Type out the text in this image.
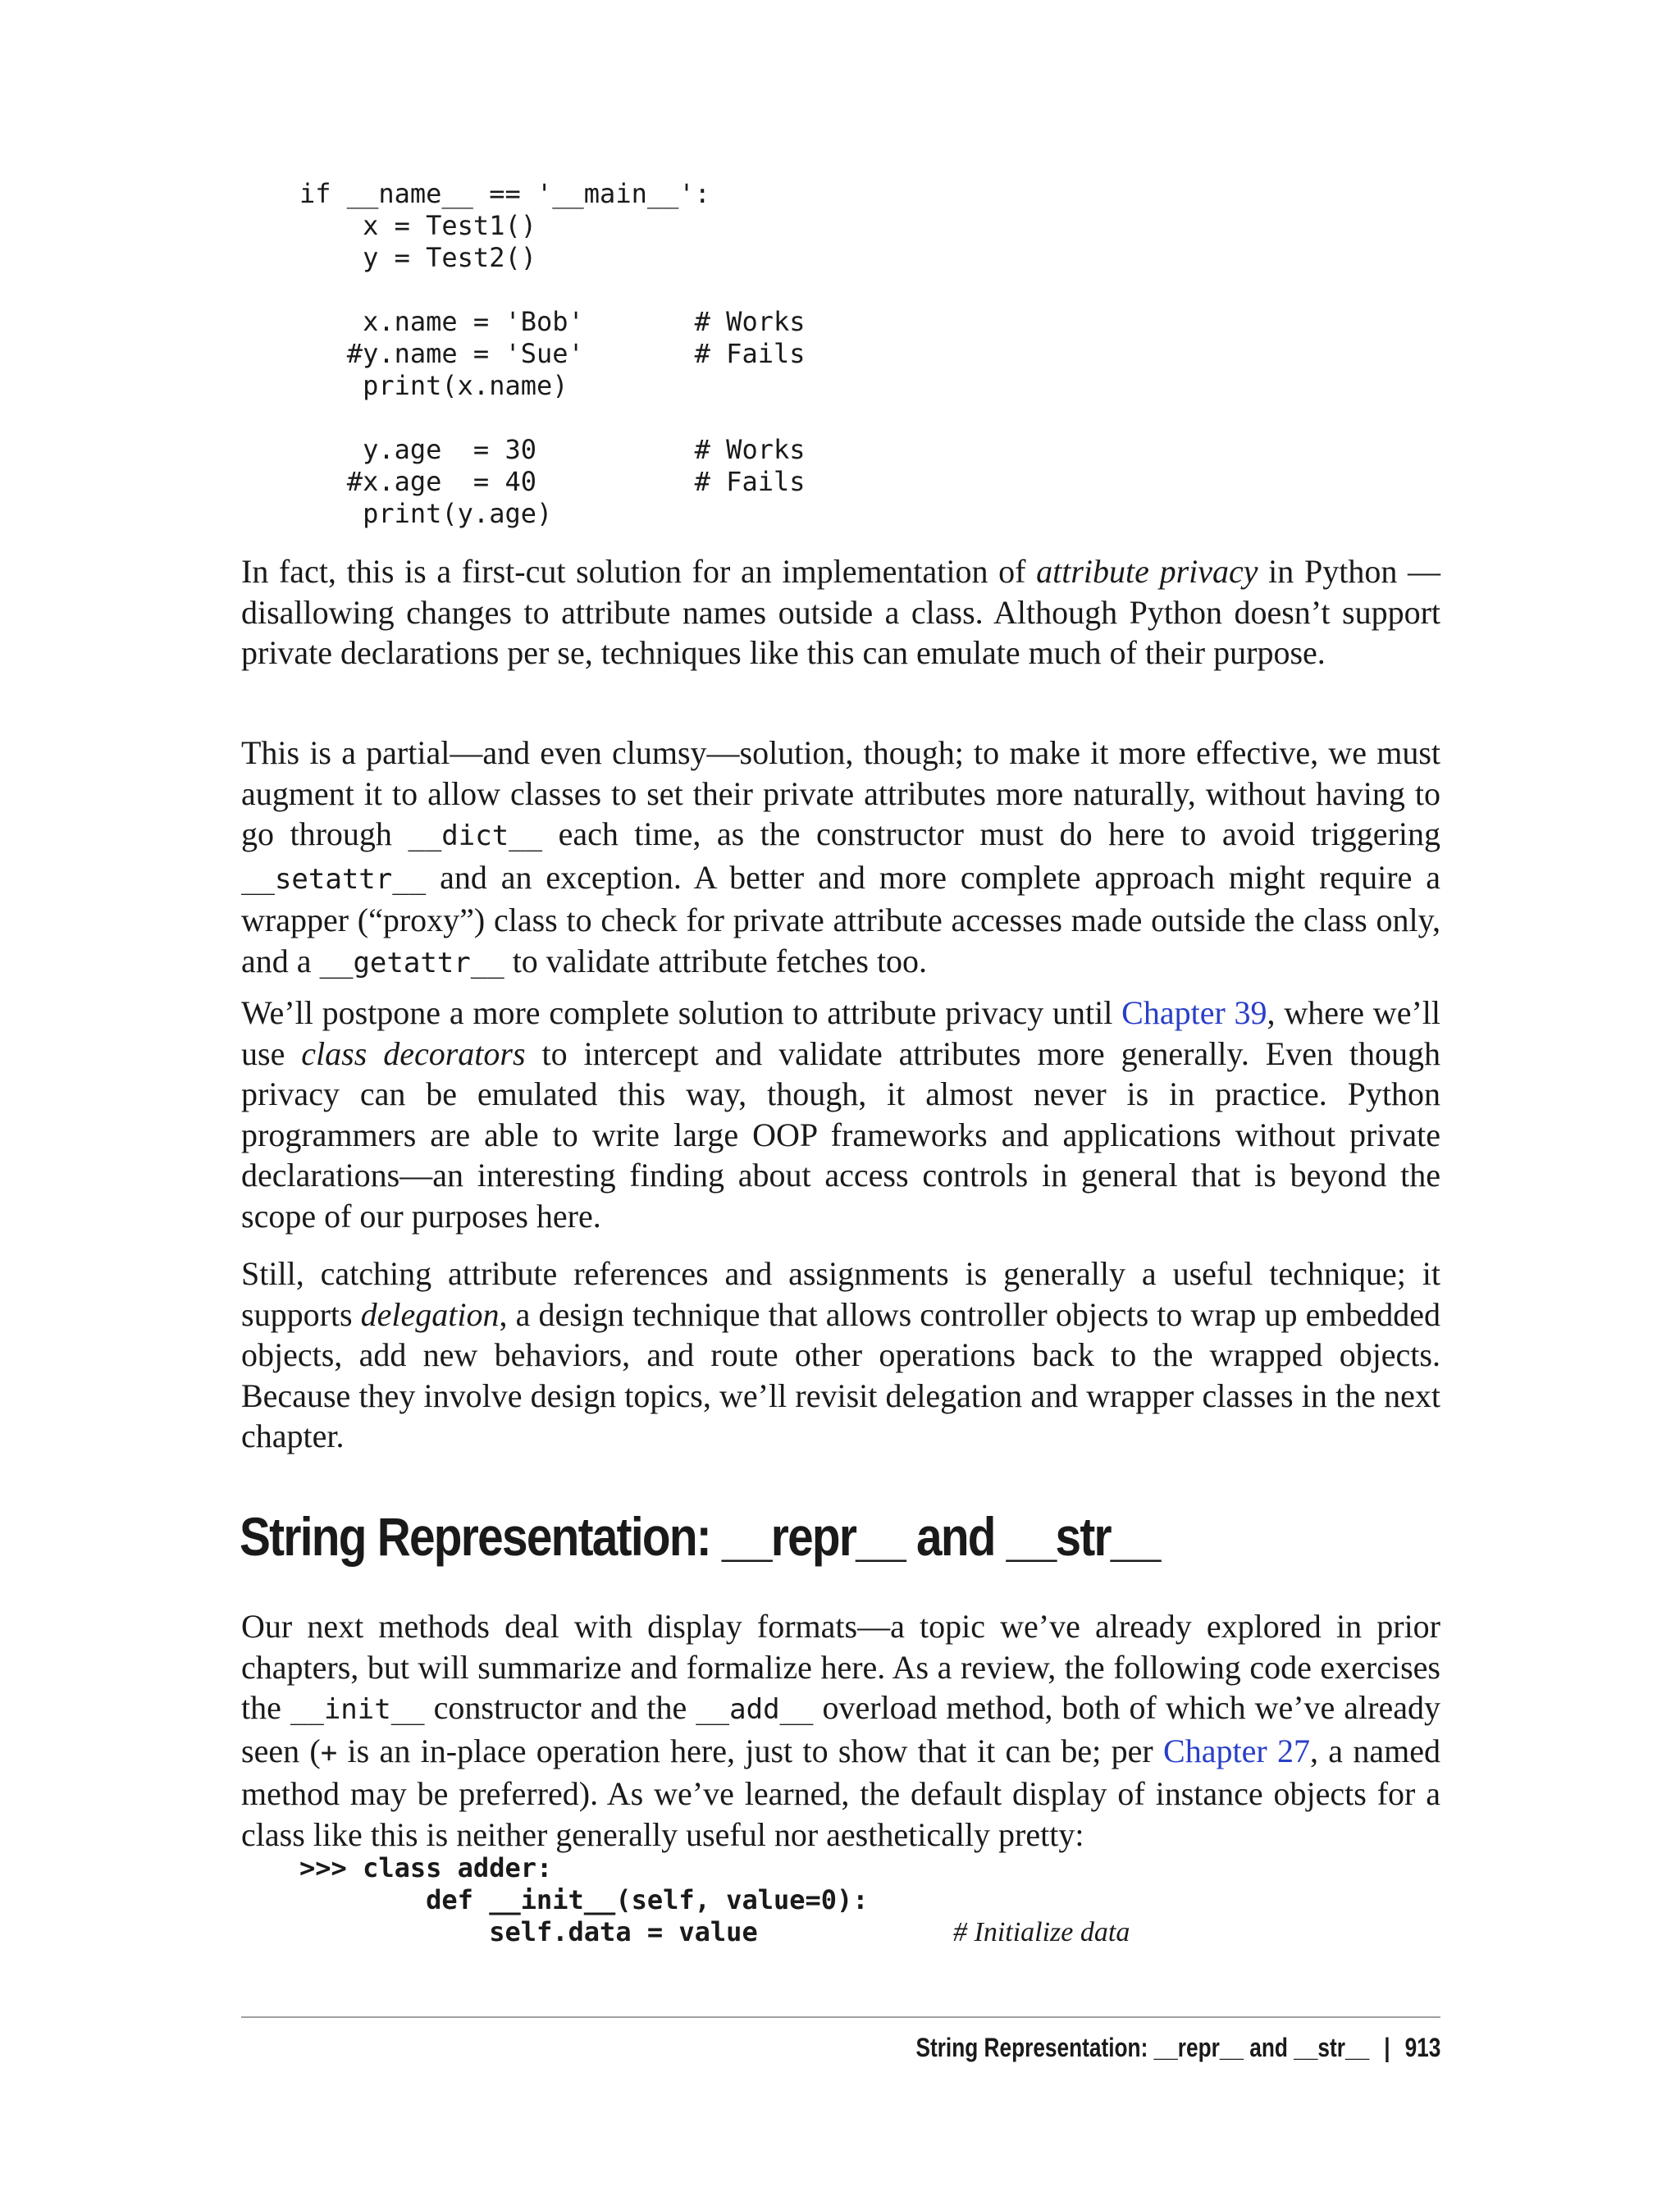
if __name__ == '__main__':
x = Test1()
y = Test2()
x.name = 'Bob'       # Works
#y.name = 'Sue'       # Fails
print(x.name)
y.age  = 30          # Works
#x.age  = 40          # Fails
print(y.age)

In fact, this is a first-cut solution for an implementation of attribute privacy in Python —disallowing changes to attribute names outside a class. Although Python doesn’t support private declarations per se, techniques like this can emulate much of their purpose.

This is a partial—and even clumsy—solution, though; to make it more effective, we must augment it to allow classes to set their private attributes more naturally, without having to go through __dict__ each time, as the constructor must do here to avoid triggering __setattr__ and an exception. A better and more complete approach might require a wrapper (“proxy”) class to check for private attribute accesses made outside the class only, and a __getattr__ to validate attribute fetches too.

We’ll postpone a more complete solution to attribute privacy until Chapter 39, where we’ll use class decorators to intercept and validate attributes more generally. Even though privacy can be emulated this way, though, it almost never is in practice. Python programmers are able to write large OOP frameworks and applications without private declarations—an interesting finding about access controls in general that is beyond the scope of our purposes here.

Still, catching attribute references and assignments is generally a useful technique; it supports delegation, a design technique that allows controller objects to wrap up embedded objects, add new behaviors, and route other operations back to the wrapped objects. Because they involve design topics, we’ll revisit delegation and wrapper classes in the next chapter.

String Representation: __repr__ and __str__

Our next methods deal with display formats—a topic we’ve already explored in prior chapters, but will summarize and formalize here. As a review, the following code exercises the __init__ constructor and the __add__ overload method, both of which we’ve already seen (+ is an in-place operation here, just to show that it can be; per Chapter 27, a named method may be preferred). As we’ve learned, the default display of instance objects for a class like this is neither generally useful nor aesthetically pretty:

>>> class adder:
def __init__(self, value=0):
self.data = value	# Initialize data
String Representation: __repr__ and __str__ | 913
